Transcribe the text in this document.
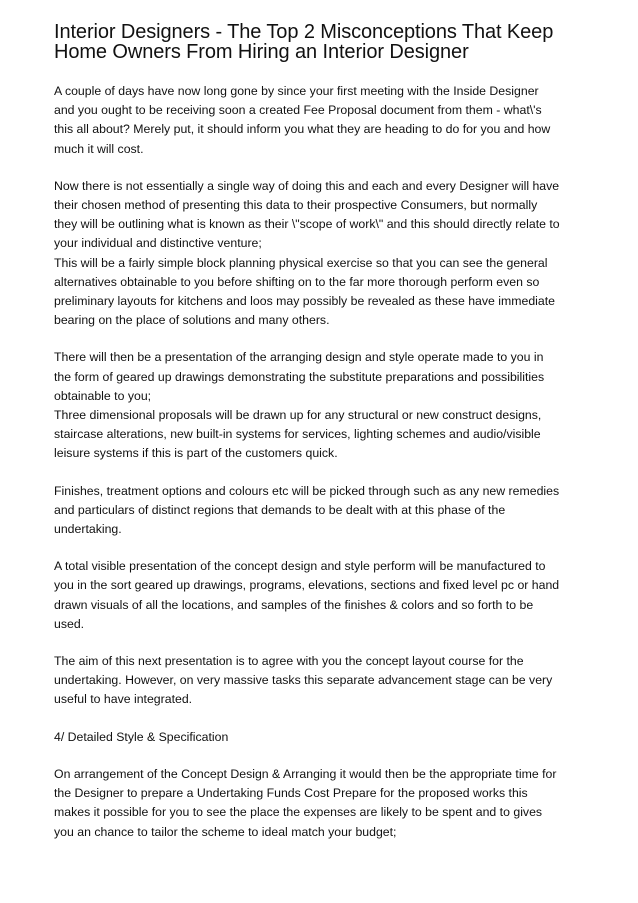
Interior Designers - The Top 2 Misconceptions That Keep Home Owners From Hiring an Interior Designer

A couple of days have now long gone by since your first meeting with the Inside Designer
and you ought to be receiving soon a created Fee Proposal document from them - what\'s
this all about? Merely put, it should inform you what they are heading to do for you and how
much it will cost.

Now there is not essentially a single way of doing this and each and every Designer will have
their chosen method of presenting this data to their prospective Consumers, but normally
they will be outlining what is known as their \"scope of work\" and this should directly relate to
your individual and distinctive venture;

This will be a fairly simple block planning physical exercise so that you can see the general
alternatives obtainable to you before shifting on to the far more thorough perform even so
preliminary layouts for kitchens and loos may possibly be revealed as these have immediate
bearing on the place of solutions and many others.

There will then be a presentation of the arranging design and style operate made to you in
the form of geared up drawings demonstrating the substitute preparations and possibilities
obtainable to you;

Three dimensional proposals will be drawn up for any structural or new construct designs,
staircase alterations, new built-in systems for services, lighting schemes and audio/visible
leisure systems if this is part of the customers quick.

Finishes, treatment options and colours etc will be picked through such as any new remedies
and particulars of distinct regions that demands to be dealt with at this phase of the
undertaking.

A total visible presentation of the concept design and style perform will be manufactured to
you in the sort geared up drawings, programs, elevations, sections and fixed level pc or hand
drawn visuals of all the locations, and samples of the finishes & colors and so forth to be
used.

The aim of this next presentation is to agree with you the concept layout course for the
undertaking. However, on very massive tasks this separate advancement stage can be very
useful to have integrated.

4/ Detailed Style & Specification

On arrangement of the Concept Design & Arranging it would then be the appropriate time for
the Designer to prepare a Undertaking Funds Cost Prepare for the proposed works this
makes it possible for you to see the place the expenses are likely to be spent and to gives
you an chance to tailor the scheme to ideal match your budget;
